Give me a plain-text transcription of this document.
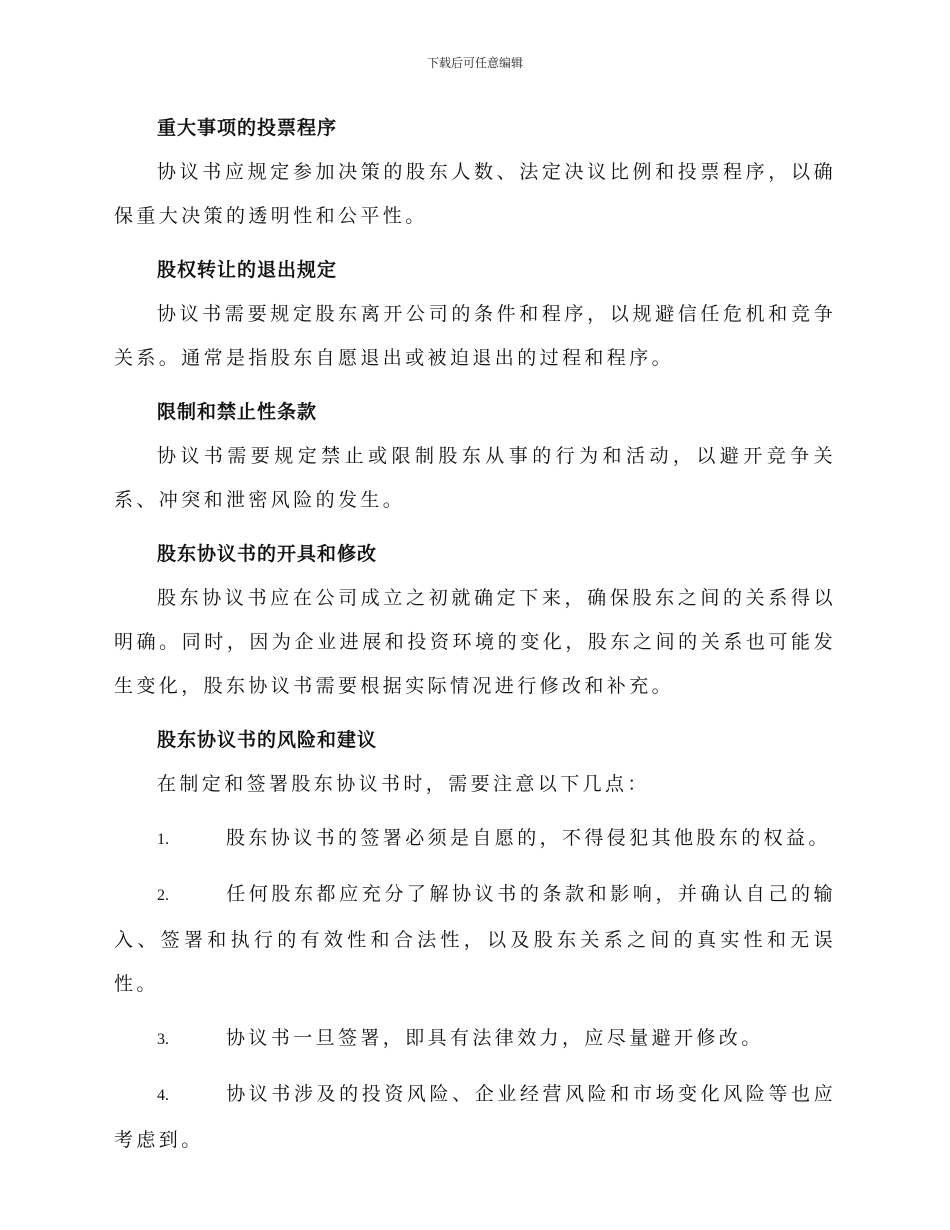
下载后可任意编辑
重大事项的投票程序

协议书应规定参加决策的股东人数、法定决议比例和投票程序，以确保重大决策的透明性和公平性。

股权转让的退出规定

协议书需要规定股东离开公司的条件和程序，以规避信任危机和竞争关系。通常是指股东自愿退出或被迫退出的过程和程序。

限制和禁止性条款

协议书需要规定禁止或限制股东从事的行为和活动，以避开竞争关系、冲突和泄密风险的发生。

股东协议书的开具和修改

股东协议书应在公司成立之初就确定下来，确保股东之间的关系得以明确。同时，因为企业进展和投资环境的变化，股东之间的关系也可能发生变化，股东协议书需要根据实际情况进行修改和补充。

股东协议书的风险和建议

在制定和签署股东协议书时，需要注意以下几点：

1.	股东协议书的签署必须是自愿的，不得侵犯其他股东的权益。

2.	任何股东都应充分了解协议书的条款和影响，并确认自己的输入、签署和执行的有效性和合法性，以及股东关系之间的真实性和无误性。

3.	协议书一旦签署，即具有法律效力，应尽量避开修改。

4.	协议书涉及的投资风险、企业经营风险和市场变化风险等也应考虑到。
